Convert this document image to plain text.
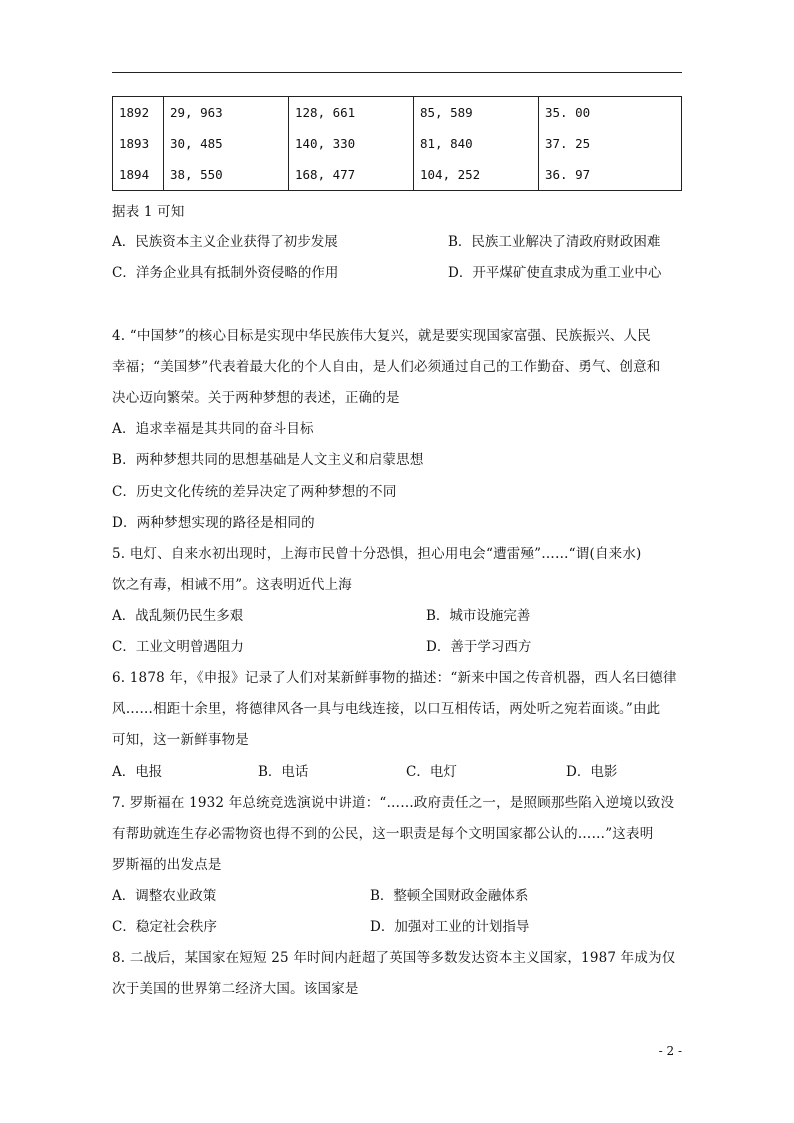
1892	29, 963	128, 661	85, 589	35. 00
1893	30, 485	140, 330	81, 840	37. 25
1894	38, 550	168, 477	104, 252	36. 97
据表 1 可知
A．民族资本主义企业获得了初步发展	B．民族工业解决了清政府财政困难
C．洋务企业具有抵制外资侵略的作用	D．开平煤矿使直隶成为重工业中心
4. “中国梦”的核心目标是实现中华民族伟大复兴，就是要实现国家富强、民族振兴、人民
幸福；“美国梦”代表着最大化的个人自由，是人们必须通过自己的工作勤奋、勇气、创意和
决心迈向繁荣。关于两种梦想的表述，正确的是
A．追求幸福是其共同的奋斗目标
B．两种梦想共同的思想基础是人文主义和启蒙思想
C．历史文化传统的差异决定了两种梦想的不同
D．两种梦想实现的路径是相同的
5. 电灯、自来水初出现时，上海市民曾十分恐惧，担心用电会“遭雷殛”……“谓(自来水)
饮之有毒，相诫不用”。这表明近代上海
A．战乱频仍民生多艰	B．城市设施完善
C．工业文明曾遇阻力	D．善于学习西方
6. 1878 年，《申报》记录了人们对某新鲜事物的描述：“新来中国之传音机器，西人名曰德律
风……相距十余里，将德律风各一具与电线连接，以口互相传话，两处听之宛若面谈。”由此
可知，这一新鲜事物是
A．电报	B．电话	C．电灯	D．电影
7. 罗斯福在 1932 年总统竞选演说中讲道：“……政府责任之一，是照顾那些陷入逆境以致没
有帮助就连生存必需物资也得不到的公民，这一职责是每个文明国家都公认的……”这表明
罗斯福的出发点是
A．调整农业政策	B．整顿全国财政金融体系
C．稳定社会秩序	D．加强对工业的计划指导
8. 二战后，某国家在短短 25 年时间内赶超了英国等多数发达资本主义国家，1987 年成为仅
次于美国的世界第二经济大国。该国家是
- 2 -
